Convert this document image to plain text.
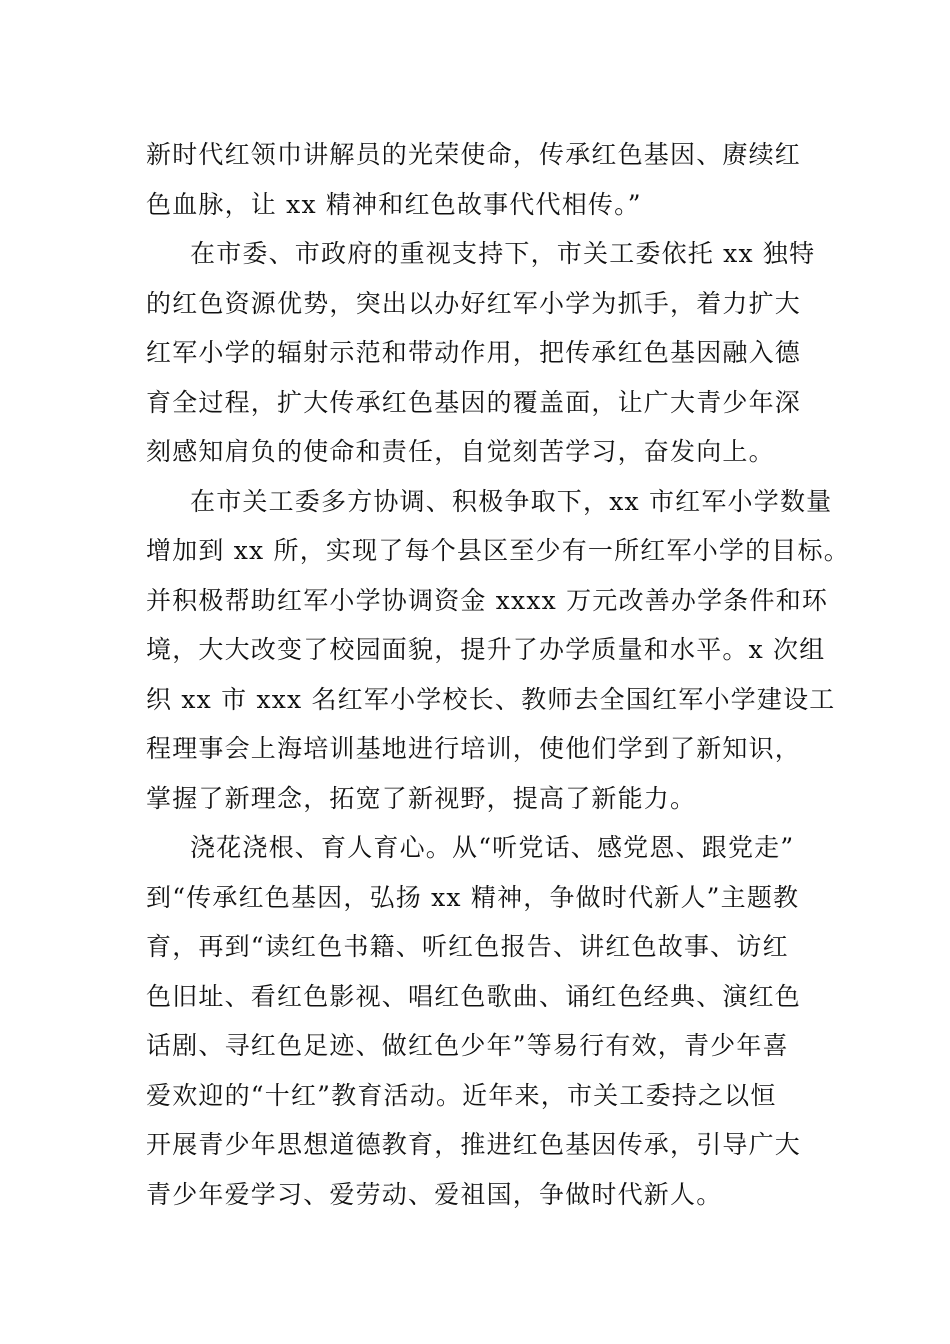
新时代红领巾讲解员的光荣使命，传承红色基因、赓续红
色血脉，让 xx 精神和红色故事代代相传。”
在市委、市政府的重视支持下，市关工委依托 xx 独特
的红色资源优势，突出以办好红军小学为抓手，着力扩大
红军小学的辐射示范和带动作用，把传承红色基因融入德
育全过程，扩大传承红色基因的覆盖面，让广大青少年深
刻感知肩负的使命和责任，自觉刻苦学习，奋发向上。
在市关工委多方协调、积极争取下，xx 市红军小学数量
增加到 xx 所，实现了每个县区至少有一所红军小学的目标。
并积极帮助红军小学协调资金 xxxx 万元改善办学条件和环
境，大大改变了校园面貌，提升了办学质量和水平。x 次组
织 xx 市 xxx 名红军小学校长、教师去全国红军小学建设工
程理事会上海培训基地进行培训，使他们学到了新知识，
掌握了新理念，拓宽了新视野，提高了新能力。
浇花浇根、育人育心。从“听党话、感党恩、跟党走”
到“传承红色基因，弘扬 xx 精神，争做时代新人”主题教
育，再到“读红色书籍、听红色报告、讲红色故事、访红
色旧址、看红色影视、唱红色歌曲、诵红色经典、演红色
话剧、寻红色足迹、做红色少年”等易行有效，青少年喜
爱欢迎的“十红”教育活动。近年来，市关工委持之以恒
开展青少年思想道德教育，推进红色基因传承，引导广大
青少年爱学习、爱劳动、爱祖国，争做时代新人。
